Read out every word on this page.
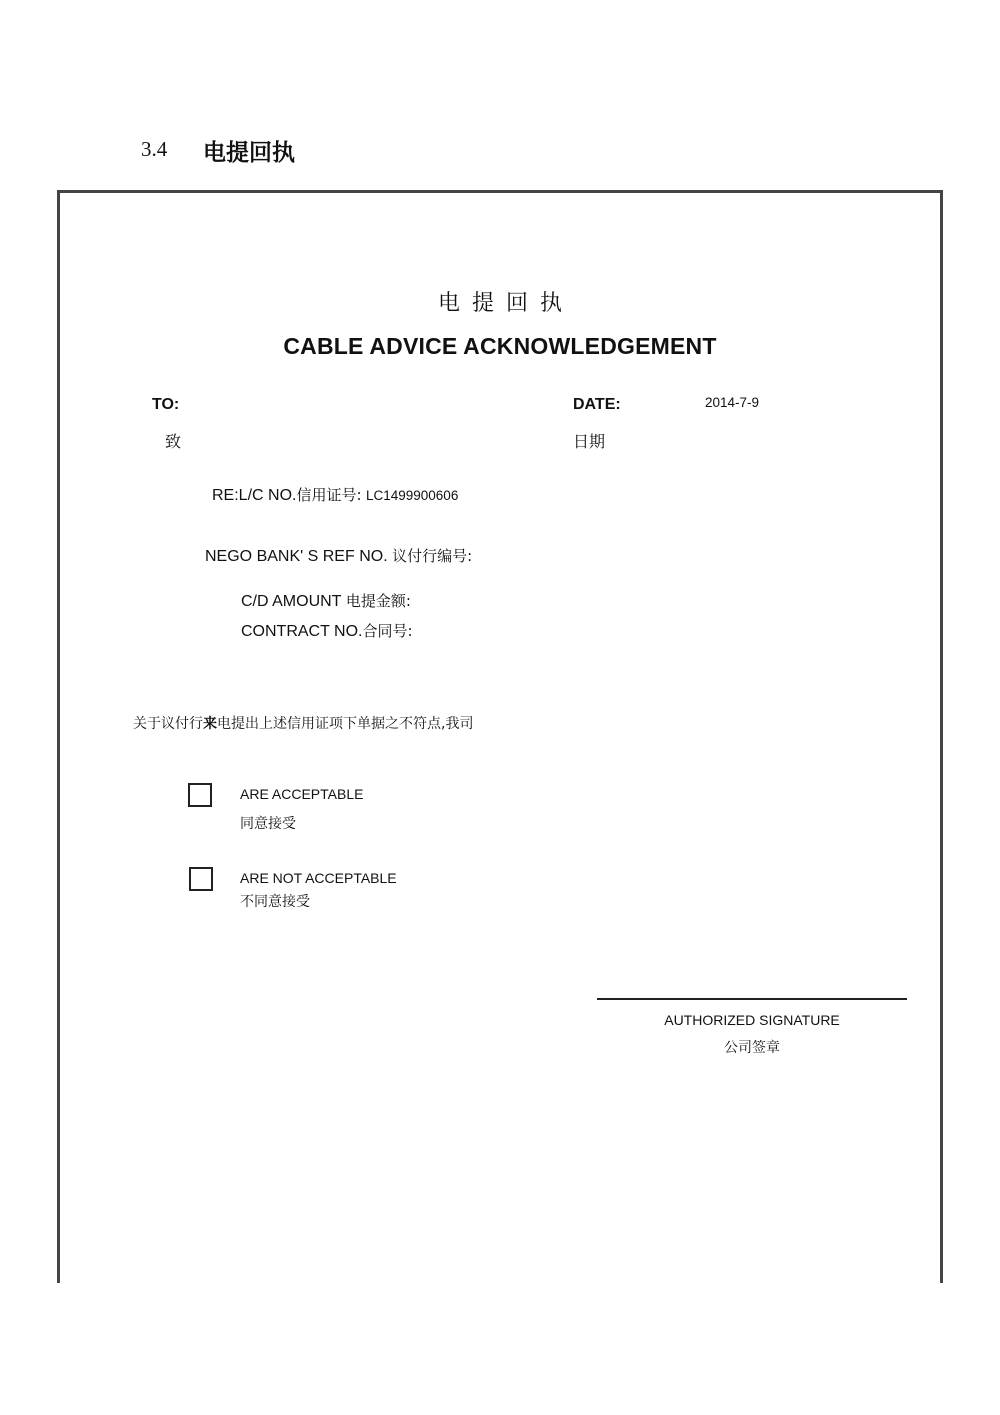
3.4 电提回执
电提回执
CABLE ADVICE ACKNOWLEDGEMENT
TO:
致
DATE:
日期
2014-7-9
RE:L/C NO.信用证号: LC1499900606
NEGO BANK' S REF NO. 议付行编号:
C/D AMOUNT 电提金额:
CONTRACT NO.合同号:
关于议付行来电提出上述信用证项下单据之不符点,我司
ARE ACCEPTABLE
同意接受
ARE NOT ACCEPTABLE
不同意接受
AUTHORIZED SIGNATURE
公司签章
